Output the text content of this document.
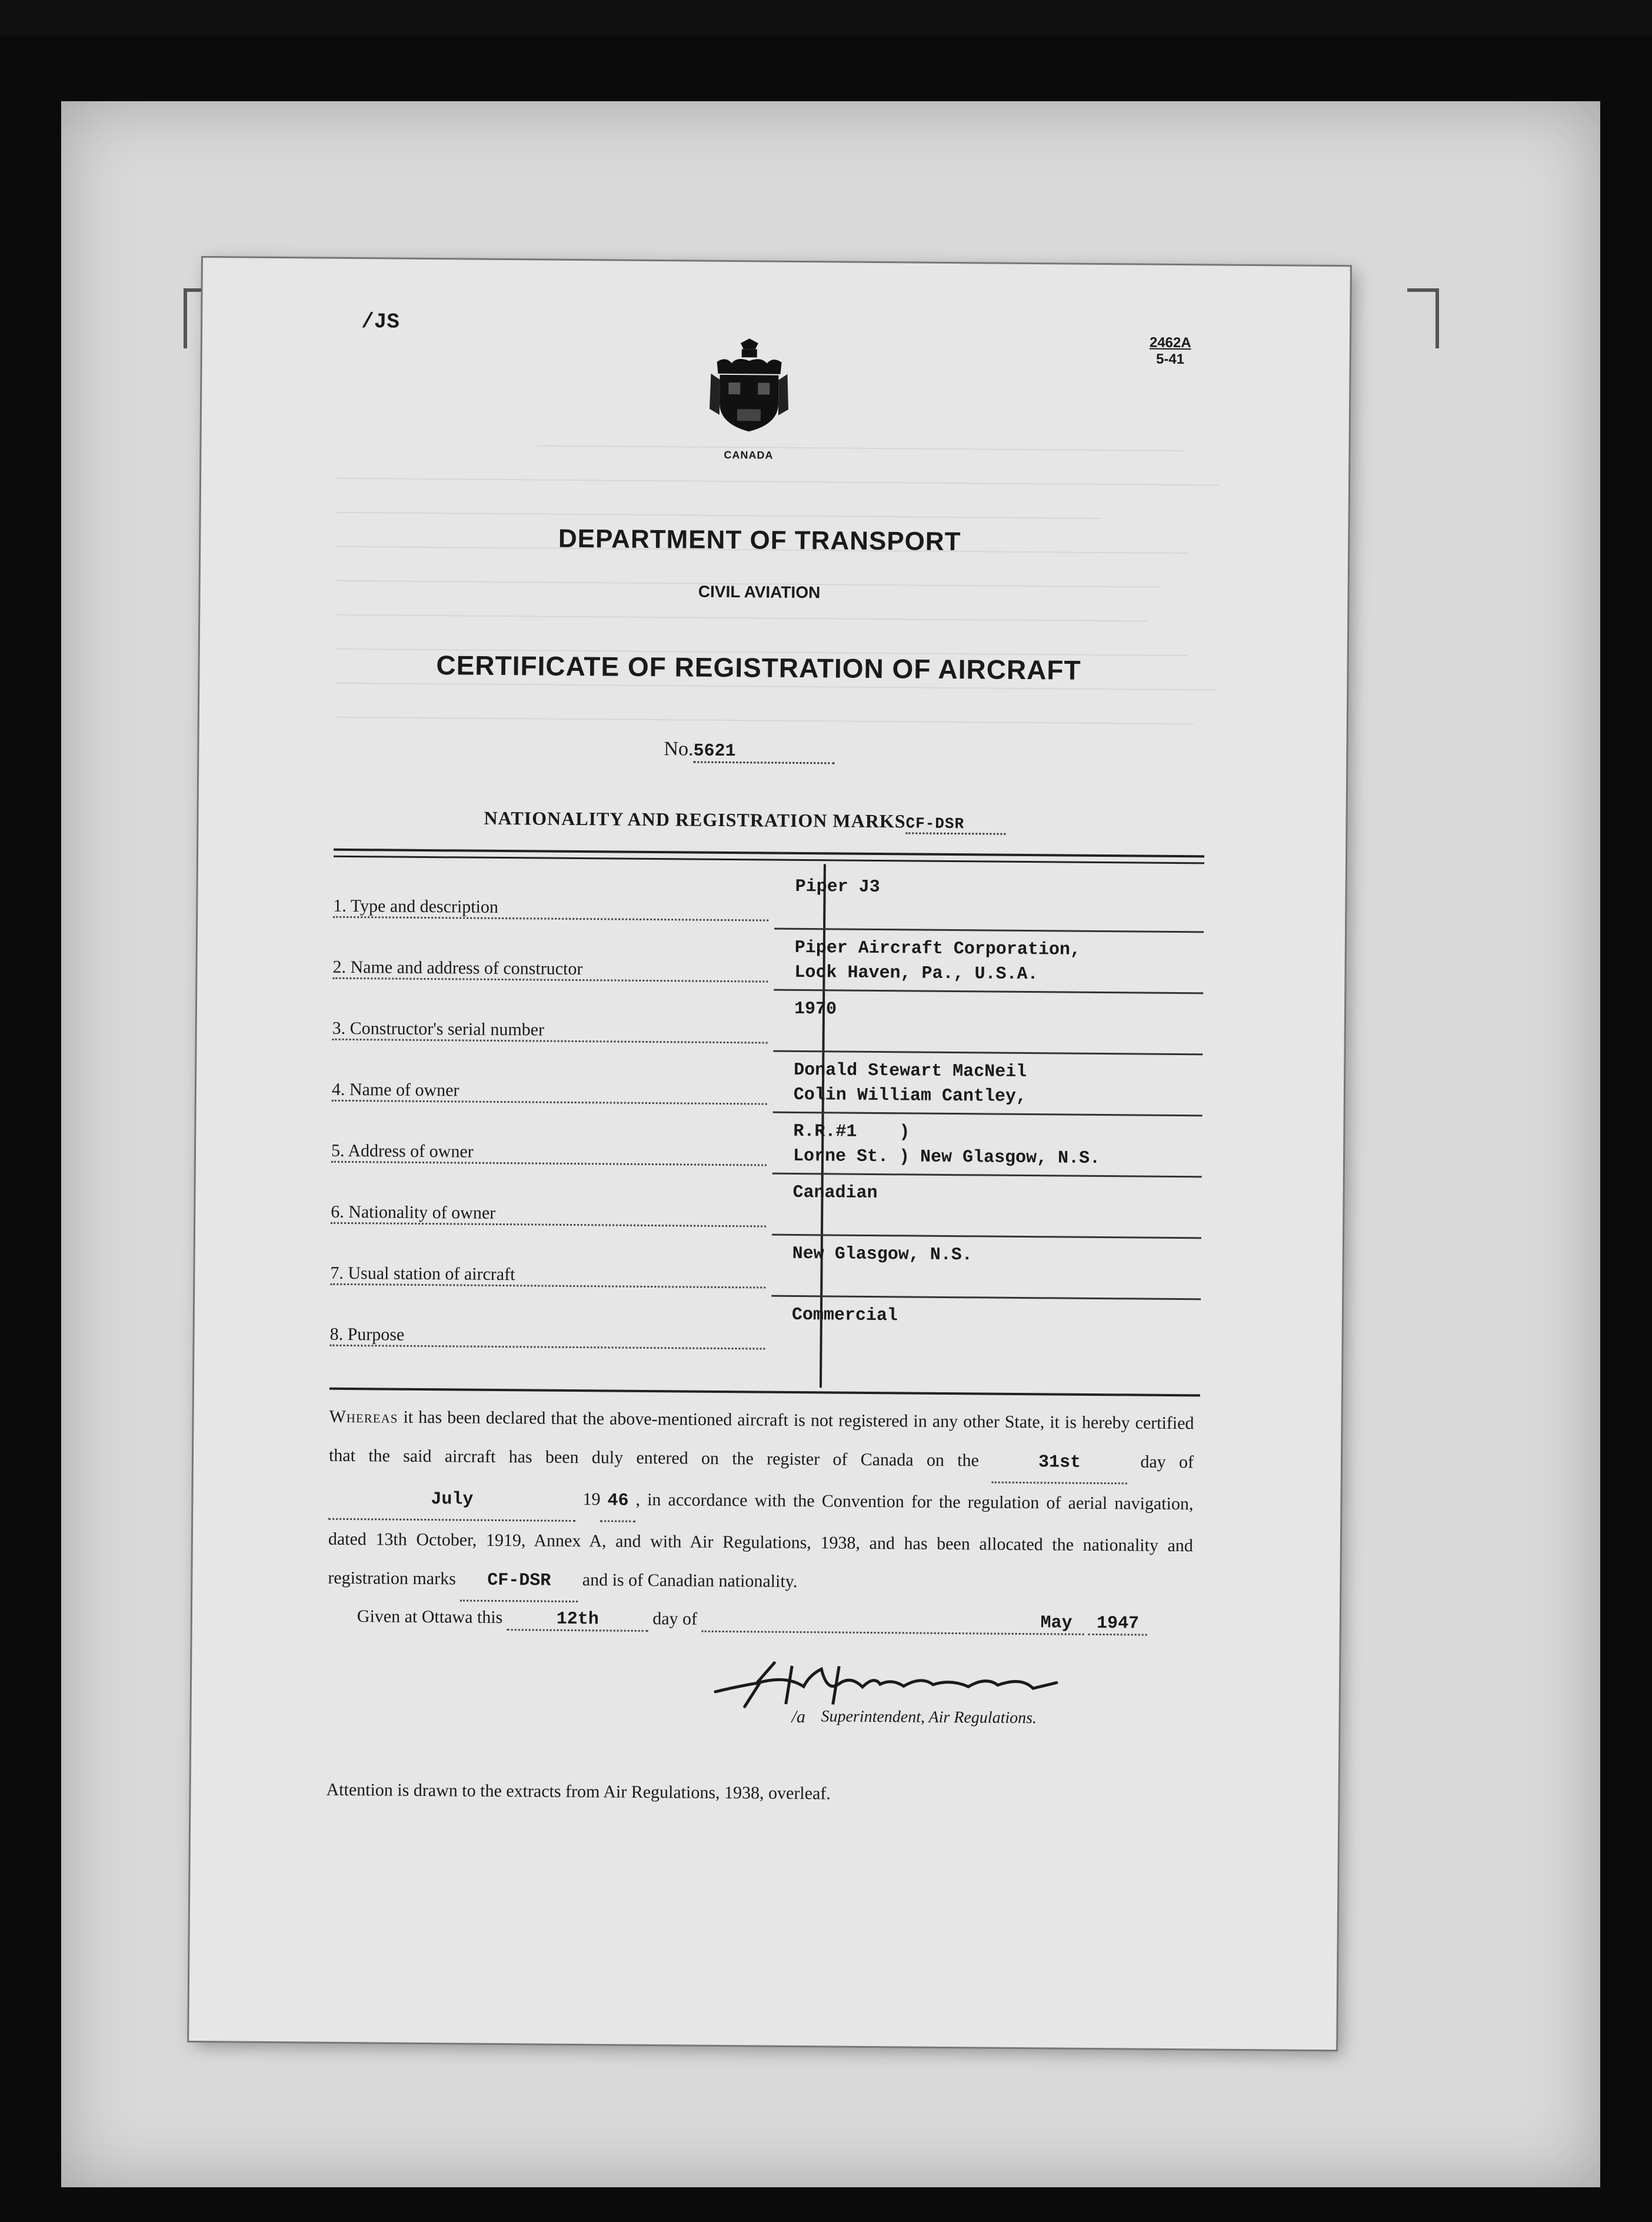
/JS
2462A
5-41
CANADA
DEPARTMENT OF TRANSPORT
CIVIL AVIATION
CERTIFICATE OF REGISTRATION OF AIRCRAFT
No.5621
NATIONALITY AND REGISTRATION MARKSCF-DSR
1. Type and description
Piper J3
2. Name and address of constructor
Piper Aircraft Corporation,
Lock Haven, Pa., U.S.A.
3. Constructor's serial number
1970
4. Name of owner
Donald Stewart MacNeil
Colin William Cantley,
5. Address of owner
R.R.#1    )
Lorne St. ) New Glasgow, N.S.
6. Nationality of owner
Canadian
7. Usual station of aircraft
New Glasgow, N.S.
8. Purpose
Commercial
Whereas it has been declared that the above-mentioned aircraft is not registered in any other State, it is hereby certified that the said aircraft has been duly entered on the register of Canada on the	31st	day of July	19 46 , in accordance with the Convention for the regulation of aerial navigation, dated 13th October, 1919, Annex A, and with Air Regulations, 1938, and has been allocated the nationality and registration marks CF-DSR and is of Canadian nationality.
Given at Ottawa this	12th	day of	May 1947
/a Superintendent, Air Regulations.
Attention is drawn to the extracts from Air Regulations, 1938, overleaf.
